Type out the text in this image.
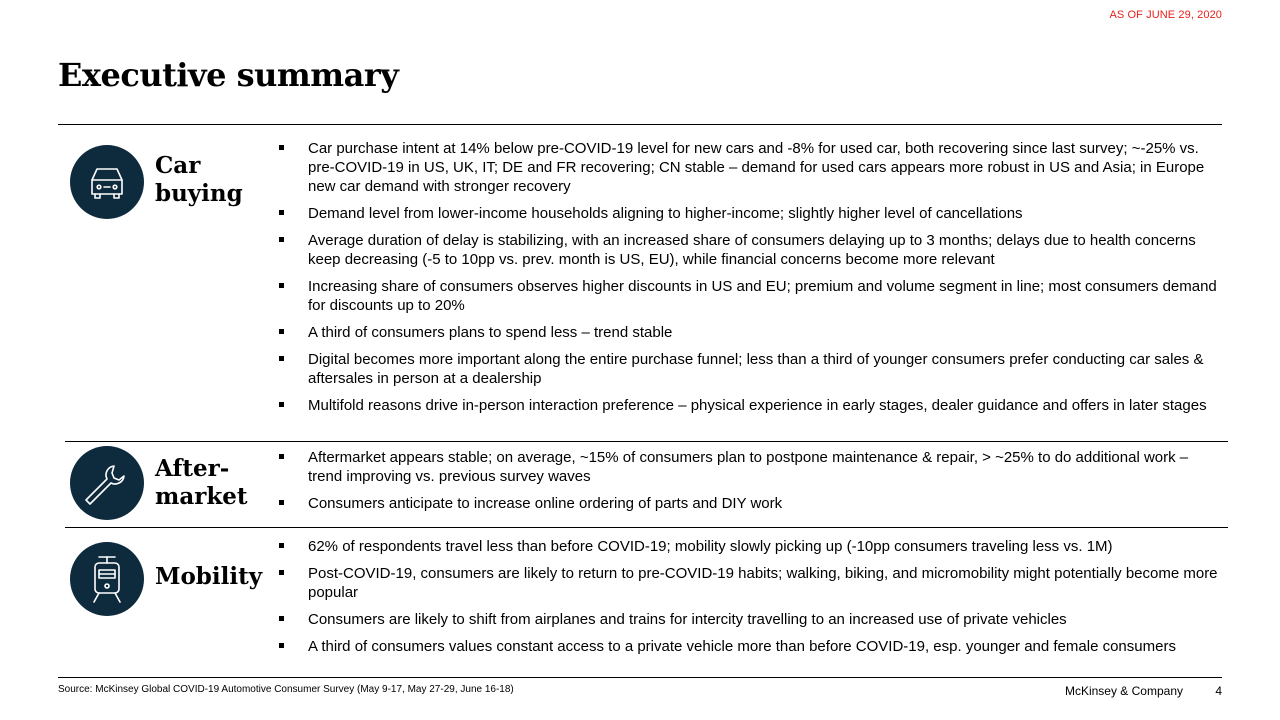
AS OF JUNE 29, 2020
Executive summary
Car
buying
Car purchase intent at 14% below pre-COVID-19 level for new cars and -8% for used car, both recovering since last survey; ~-25% vs. pre-COVID-19 in US, UK, IT; DE and FR recovering; CN stable – demand for used cars appears more robust in US and Asia; in Europe new car demand with stronger recovery
Demand level from lower-income households aligning to higher-income; slightly higher level of cancellations
Average duration of delay is stabilizing, with an increased share of consumers delaying up to 3 months; delays due to health concerns keep decreasing (-5 to 10pp vs. prev. month is US, EU), while financial concerns become more relevant
Increasing share of consumers observes higher discounts in US and EU; premium and volume segment in line; most consumers demand for discounts up to 20%
A third of consumers plans to spend less – trend stable
Digital becomes more important along the entire purchase funnel; less than a third of younger consumers prefer conducting car sales & aftersales in person at a dealership
Multifold reasons drive in-person interaction preference – physical experience in early stages, dealer guidance and offers in later stages
After-
market
Aftermarket appears stable; on average, ~15% of consumers plan to postpone maintenance & repair, > ~25% to do additional work – trend improving vs. previous survey waves
Consumers anticipate to increase online ordering of parts and DIY work
Mobility
62% of respondents travel less than before COVID-19; mobility slowly picking up (-10pp consumers traveling less vs. 1M)
Post-COVID-19, consumers are likely to return to pre-COVID-19 habits; walking, biking, and micromobility might potentially become more popular
Consumers are likely to shift from airplanes and trains for intercity travelling to an increased use of private vehicles
A third of consumers values constant access to a private vehicle more than before COVID-19, esp. younger and female consumers
Source: McKinsey Global COVID-19 Automotive Consumer Survey (May 9-17, May 27-29, June 16-18)	McKinsey & Company	4
